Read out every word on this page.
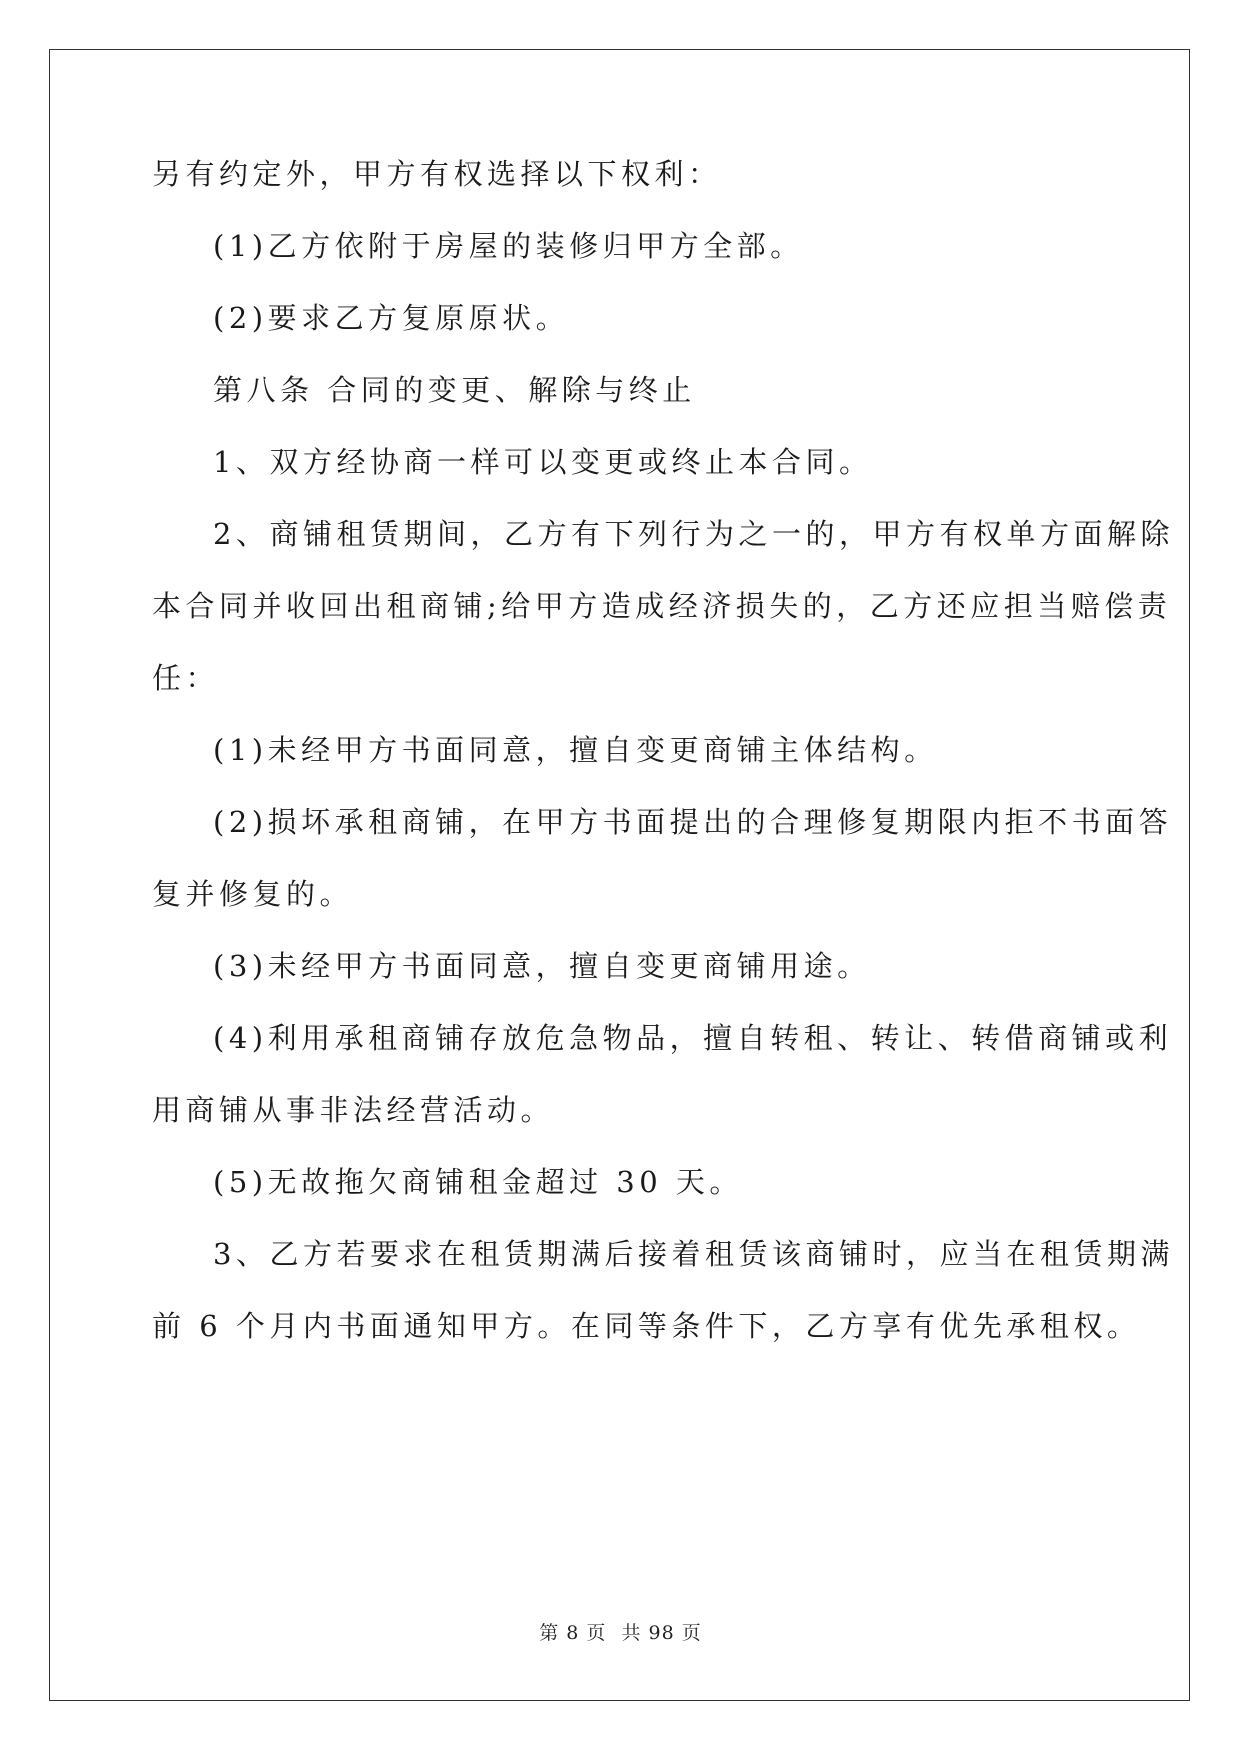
另有约定外，甲方有权选择以下权利：
(1)乙方依附于房屋的装修归甲方全部。
(2)要求乙方复原原状。
第八条 合同的变更、解除与终止
1、双方经协商一样可以变更或终止本合同。
2、商铺租赁期间，乙方有下列行为之一的，甲方有权单方面解除
本合同并收回出租商铺;给甲方造成经济损失的，乙方还应担当赔偿责
任：
(1)未经甲方书面同意，擅自变更商铺主体结构。
(2)损坏承租商铺，在甲方书面提出的合理修复期限内拒不书面答
复并修复的。
(3)未经甲方书面同意，擅自变更商铺用途。
(4)利用承租商铺存放危急物品，擅自转租、转让、转借商铺或利
用商铺从事非法经营活动。
(5)无故拖欠商铺租金超过 30 天。
3、乙方若要求在租赁期满后接着租赁该商铺时，应当在租赁期满
前 6 个月内书面通知甲方。在同等条件下，乙方享有优先承租权。
第 8 页 共 98 页
